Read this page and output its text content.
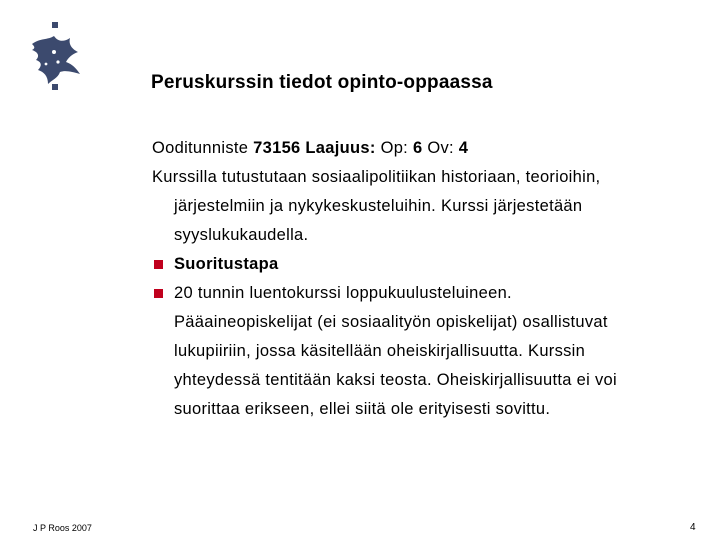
Peruskurssin tiedot opinto-oppaassa
Ooditunniste 73156 Laajuus: Op: 6 Ov: 4
Kurssilla tutustutaan sosiaalipolitiikan historiaan, teorioihin,
järjestelmiin ja nykykeskusteluihin. Kurssi järjestetään
syyslukukaudella.
Suoritustapa
20 tunnin luentokurssi loppukuulusteluineen.
Pääaineopiskelijat (ei sosiaalityön opiskelijat) osallistuvat
lukupiiriin, jossa käsitellään oheiskirjallisuutta. Kurssin
yhteydessä tentitään kaksi teosta. Oheiskirjallisuutta ei voi
suorittaa erikseen, ellei siitä ole erityisesti sovittu.
J P Roos 2007	4
